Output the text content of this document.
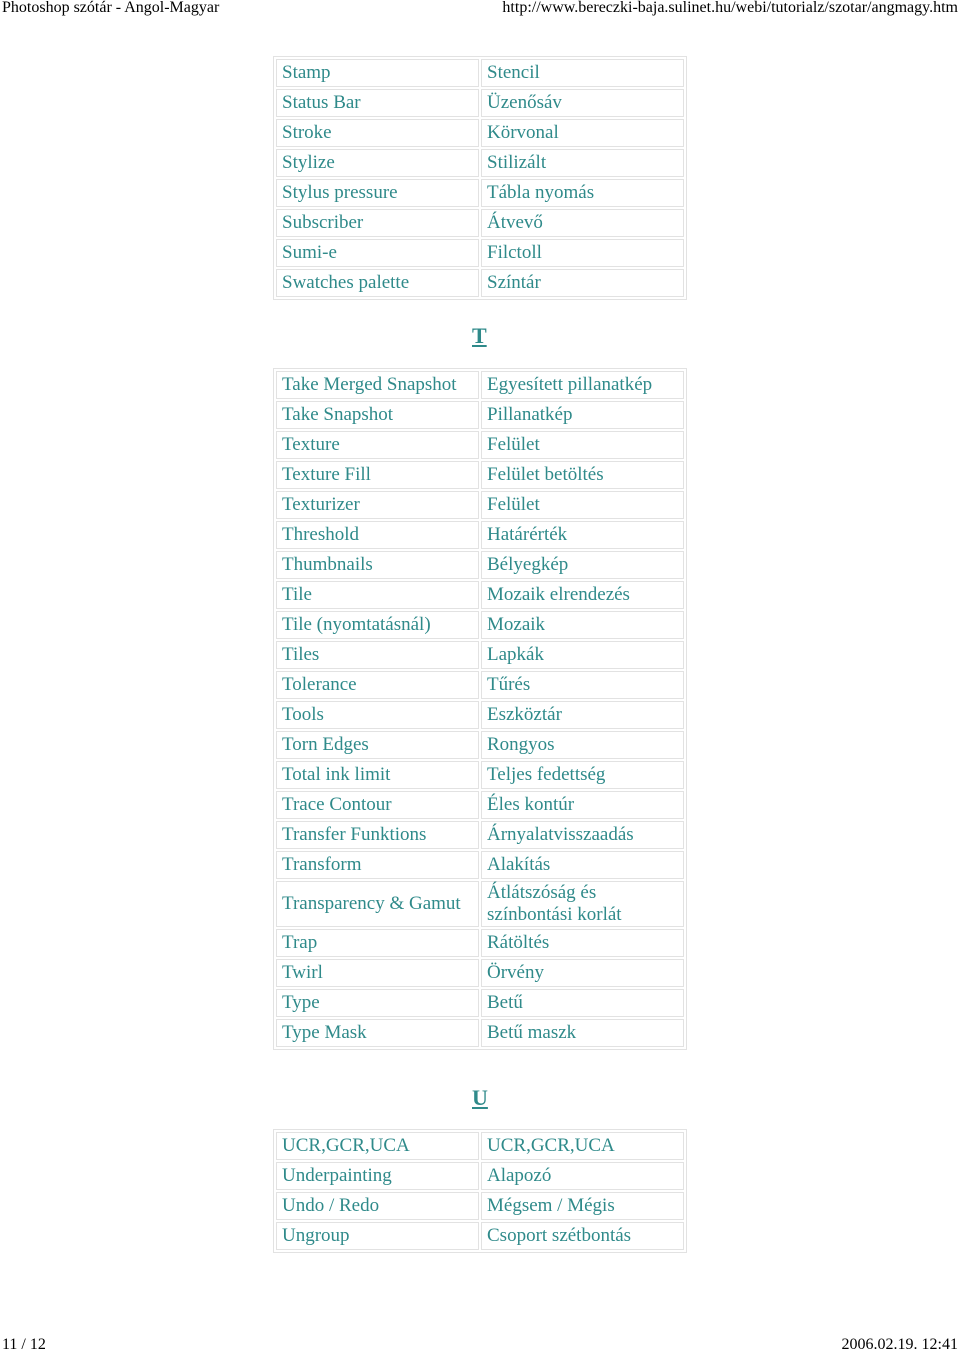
Photoshop szótár - Angol-Magyar	http://www.bereczki-baja.sulinet.hu/webi/tutorialz/szotar/angmagy.htm
Stamp	Stencil
Status Bar	Üzenősáv
Stroke	Körvonal
Stylize	Stilizált
Stylus pressure	Tábla nyomás
Subscriber	Átvevő
Sumi-e	Filctoll
Swatches palette	Színtár
T
Take Merged Snapshot	Egyesített pillanatkép
Take Snapshot	Pillanatkép
Texture	Felület
Texture Fill	Felület betöltés
Texturizer	Felület
Threshold	Határérték
Thumbnails	Bélyegkép
Tile	Mozaik elrendezés
Tile (nyomtatásnál)	Mozaik
Tiles	Lapkák
Tolerance	Tűrés
Tools	Eszköztár
Torn Edges	Rongyos
Total ink limit	Teljes fedettség
Trace Contour	Éles kontúr
Transfer Funktions	Árnyalatvisszaadás
Transform	Alakítás
Transparency & Gamut	Átlátszóság és színbontási korlát
Trap	Rátöltés
Twirl	Örvény
Type	Betű
Type Mask	Betű maszk
U
UCR,GCR,UCA	UCR,GCR,UCA
Underpainting	Alapozó
Undo / Redo	Mégsem / Mégis
Ungroup	Csoport szétbontás
11 / 12	2006.02.19. 12:41
